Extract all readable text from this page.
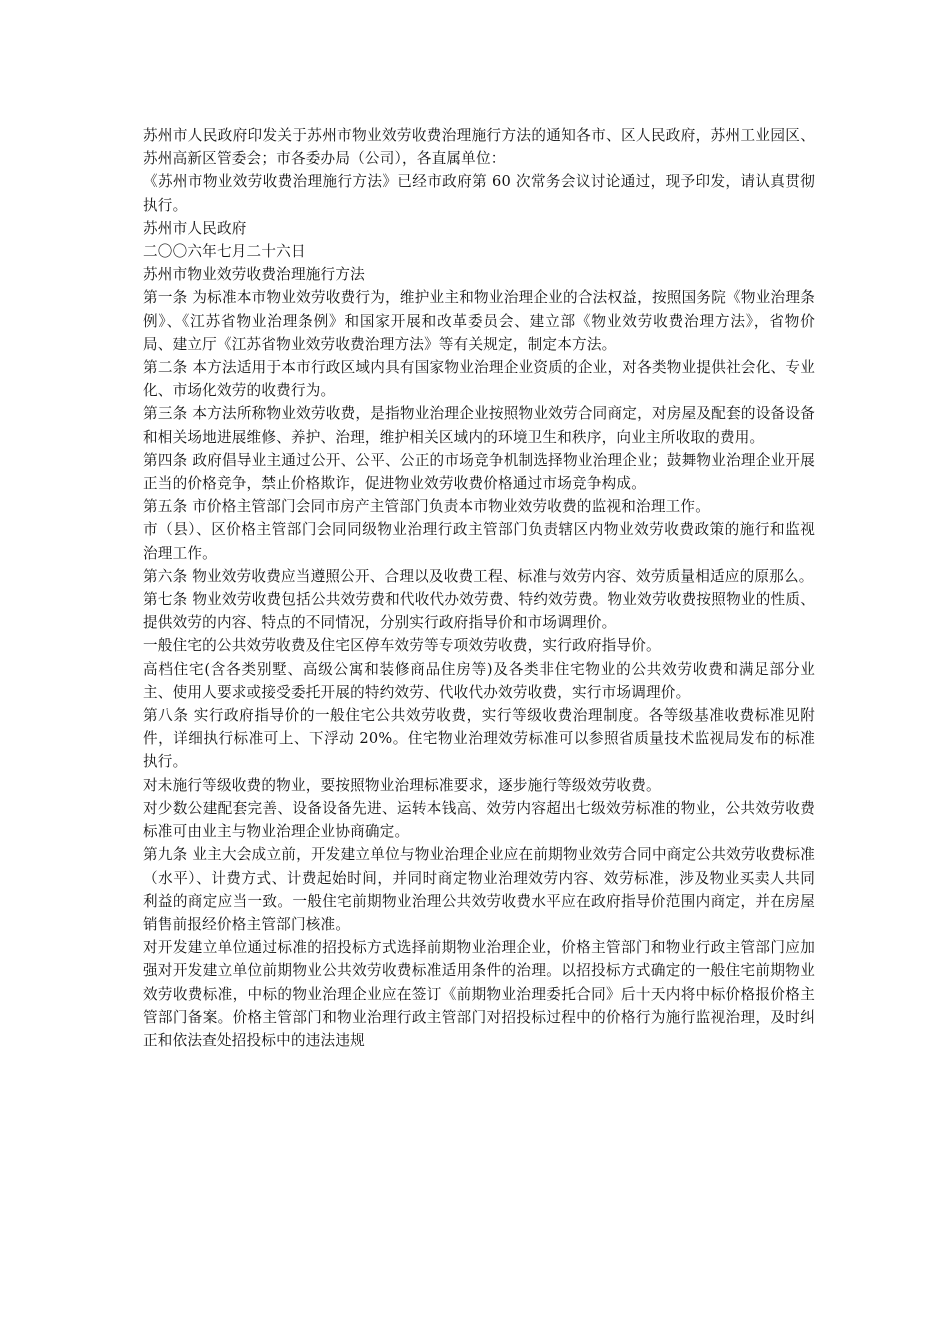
苏州市人民政府印发关于苏州市物业效劳收费治理施行方法的通知各市、区人民政府，苏州工业园区、苏州高新区管委会；市各委办局（公司），各直属单位：

《苏州市物业效劳收费治理施行方法》已经市政府第 60 次常务会议讨论通过，现予印发，请认真贯彻执行。

苏州市人民政府

二〇〇六年七月二十六日

苏州市物业效劳收费治理施行方法

第一条 为标准本市物业效劳收费行为，维护业主和物业治理企业的合法权益，按照国务院《物业治理条例》、《江苏省物业治理条例》和国家开展和改革委员会、建立部《物业效劳收费治理方法》，省物价局、建立厅《江苏省物业效劳收费治理方法》等有关规定，制定本方法。

第二条 本方法适用于本市行政区域内具有国家物业治理企业资质的企业，对各类物业提供社会化、专业化、市场化效劳的收费行为。

第三条 本方法所称物业效劳收费，是指物业治理企业按照物业效劳合同商定，对房屋及配套的设备设备和相关场地进展维修、养护、治理，维护相关区域内的环境卫生和秩序，向业主所收取的费用。

第四条 政府倡导业主通过公开、公平、公正的市场竞争机制选择物业治理企业；鼓舞物业治理企业开展正当的价格竞争，禁止价格欺诈，促进物业效劳收费价格通过市场竞争构成。

第五条 市价格主管部门会同市房产主管部门负责本市物业效劳收费的监视和治理工作。

市（县）、区价格主管部门会同同级物业治理行政主管部门负责辖区内物业效劳收费政策的施行和监视治理工作。

第六条 物业效劳收费应当遵照公开、合理以及收费工程、标准与效劳内容、效劳质量相适应的原那么。

第七条 物业效劳收费包括公共效劳费和代收代办效劳费、特约效劳费。物业效劳收费按照物业的性质、提供效劳的内容、特点的不同情况，分别实行政府指导价和市场调理价。

一般住宅的公共效劳收费及住宅区停车效劳等专项效劳收费，实行政府指导价。

高档住宅(含各类别墅、高级公寓和装修商品住房等)及各类非住宅物业的公共效劳收费和满足部分业主、使用人要求或接受委托开展的特约效劳、代收代办效劳收费，实行市场调理价。

第八条 实行政府指导价的一般住宅公共效劳收费，实行等级收费治理制度。各等级基准收费标准见附件，详细执行标准可上、下浮动 20%。住宅物业治理效劳标准可以参照省质量技术监视局发布的标准执行。

对未施行等级收费的物业，要按照物业治理标准要求，逐步施行等级效劳收费。

对少数公建配套完善、设备设备先进、运转本钱高、效劳内容超出七级效劳标准的物业，公共效劳收费标准可由业主与物业治理企业协商确定。

第九条 业主大会成立前，开发建立单位与物业治理企业应在前期物业效劳合同中商定公共效劳收费标准（水平）、计费方式、计费起始时间，并同时商定物业治理效劳内容、效劳标准，涉及物业买卖人共同利益的商定应当一致。一般住宅前期物业治理公共效劳收费水平应在政府指导价范围内商定，并在房屋销售前报经价格主管部门核准。

对开发建立单位通过标准的招投标方式选择前期物业治理企业，价格主管部门和物业行政主管部门应加强对开发建立单位前期物业公共效劳收费标准适用条件的治理。以招投标方式确定的一般住宅前期物业效劳收费标准，中标的物业治理企业应在签订《前期物业治理委托合同》后十天内将中标价格报价格主管部门备案。价格主管部门和物业治理行政主管部门对招投标过程中的价格行为施行监视治理，及时纠正和依法查处招投标中的违法违规
